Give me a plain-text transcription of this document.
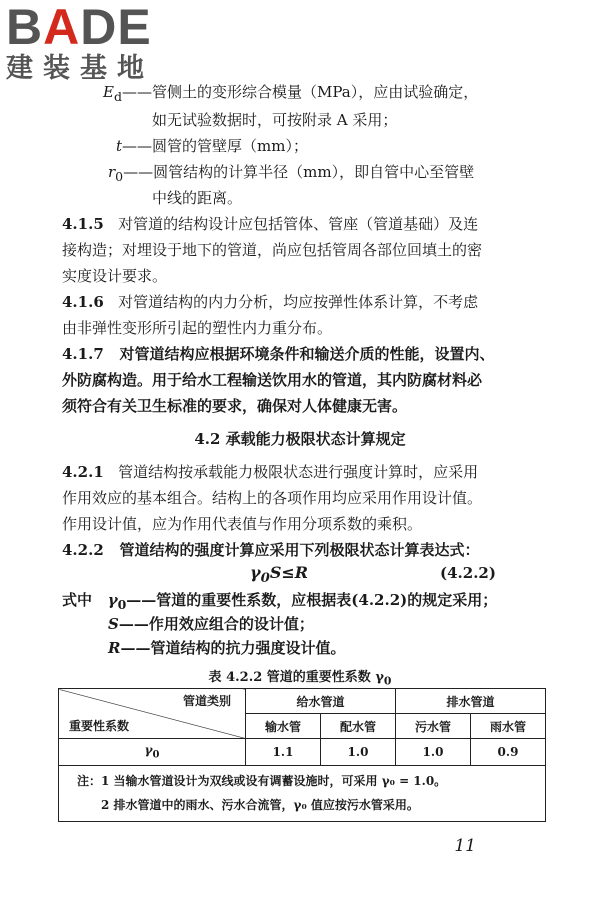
BADE
建装基地
$E_d——$管侧土的变形综合模量（MPa），应由试验确定，
如无试验数据时，可按附录 A 采用；
t——圆管的管壁厚（mm）；
$r_0——$圆管结构的计算半径（mm），即自管中心至管壁
中线的距离。
4.1.5 对管道的结构设计应包括管体、管座（管道基础）及连
接构造；对埋设于地下的管道，尚应包括管周各部位回填土的密
实度设计要求。
4.1.6 对管道结构的内力分析，均应按弹性体系计算，不考虑
由非弹性变形所引起的塑性内力重分布。
4.1.7 对管道结构应根据环境条件和输送介质的性能，设置内、
外防腐构造。用于给水工程输送饮用水的管道，其内防腐材料必
须符合有关卫生标准的要求，确保对人体健康无害。
4.2 承载能力极限状态计算规定
4.2.1 管道结构按承载能力极限状态进行强度计算时，应采用
作用效应的基本组合。结构上的各项作用均应采用作用设计值。
作用设计值，应为作用代表值与作用分项系数的乘积。
4.2.2 管道结构的强度计算应采用下列极限状态计算表达式：
$\gamma_0S\le R$	(4.2.2)
式中 $\gamma_0——$管道的重要性系数，应根据表(4.2.2)的规定采用；
S——作用效应组合的设计值；
R——管道结构的抗力强度设计值。
表 4.2.2 管道的重要性系数 $\gamma_0$
管道类别
重要性系数	给水管道		排水管道	
	输水管	配水管	污水管	雨水管
$\gamma_0$	1.1	1.0	1.0	0.9
注：1 当输水管道设计为双线或设有调蓄设施时，可采用 γ₀ = 1.0。
2 排水管道中的雨水、污水合流管，γ₀ 值应按污水管采用。
11
